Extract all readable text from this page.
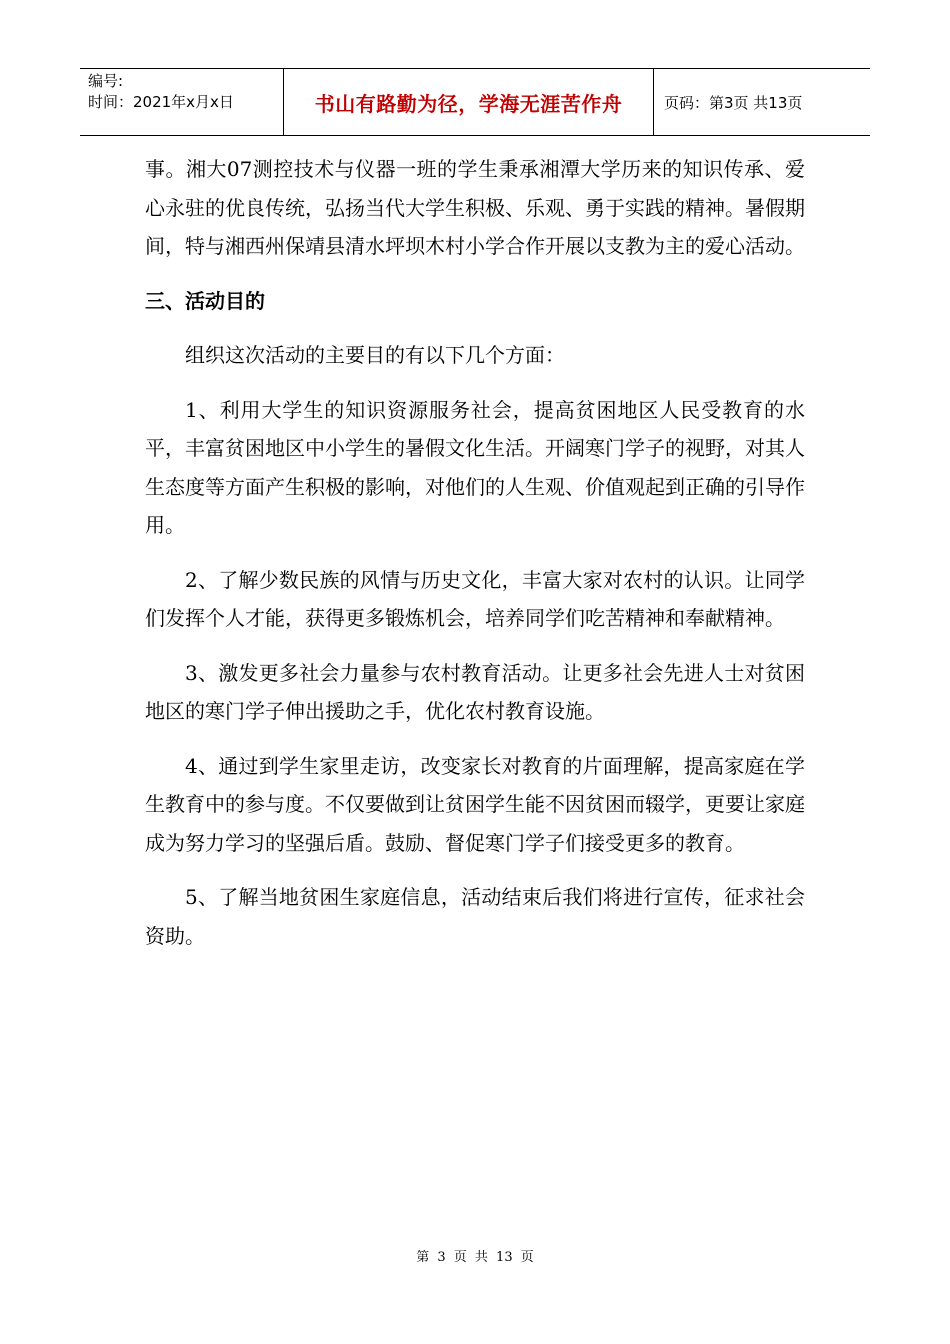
编号:
时间：2021年x月x日	书山有路勤为径，学海无涯苦作舟	页码：第3页 共13页

事。湘大07测控技术与仪器一班的学生秉承湘潭大学历来的知识传承、爱心永驻的优良传统，弘扬当代大学生积极、乐观、勇于实践的精神。暑假期间，特与湘西州保靖县清水坪坝木村小学合作开展以支教为主的爱心活动。

三、活动目的

组织这次活动的主要目的有以下几个方面：

1、利用大学生的知识资源服务社会，提高贫困地区人民受教育的水平，丰富贫困地区中小学生的暑假文化生活。开阔寒门学子的视野，对其人生态度等方面产生积极的影响，对他们的人生观、价值观起到正确的引导作用。

2、了解少数民族的风情与历史文化，丰富大家对农村的认识。让同学们发挥个人才能，获得更多锻炼机会，培养同学们吃苦精神和奉献精神。

3、激发更多社会力量参与农村教育活动。让更多社会先进人士对贫困地区的寒门学子伸出援助之手，优化农村教育设施。

4、通过到学生家里走访，改变家长对教育的片面理解，提高家庭在学生教育中的参与度。不仅要做到让贫困学生能不因贫困而辍学，更要让家庭成为努力学习的坚强后盾。鼓励、督促寒门学子们接受更多的教育。

5、了解当地贫困生家庭信息，活动结束后我们将进行宣传，征求社会资助。

第 3 页 共 13 页
